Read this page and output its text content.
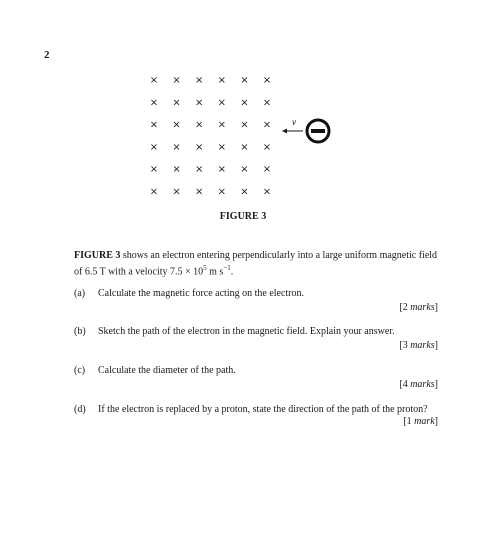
2
× × × × × ×
× × × × × ×
× × × × × ×
× × × × × ×
× × × × × ×
× × × × × ×
v
FIGURE 3
FIGURE 3 shows an electron entering perpendicularly into a large uniform magnetic field of 6.5 T with a velocity $7.5 \times 10^5$ m $s^{-1}$.
(a) Calculate the magnetic force acting on the electron.
[2 marks]
(b) Sketch the path of the electron in the magnetic field. Explain your answer.
[3 marks]
(c) Calculate the diameter of the path.
[4 marks]
(d) If the electron is replaced by a proton, state the direction of the path of the proton?
[1 mark]
